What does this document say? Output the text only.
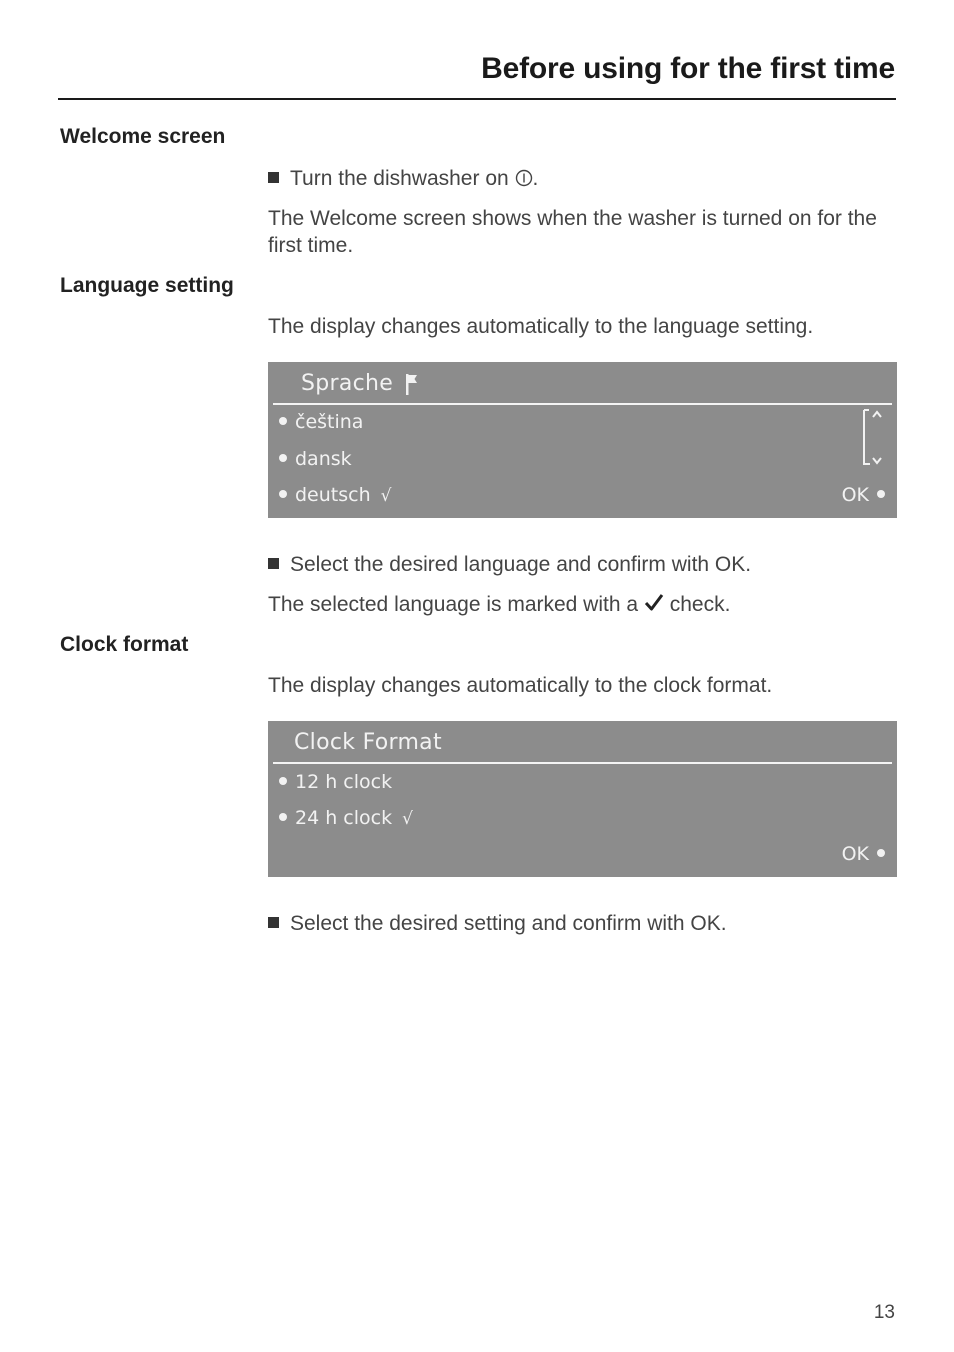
Before using for the first time
Welcome screen

Turn the dishwasher on .

The Welcome screen shows when the washer is turned on for the first time.

Language setting

The display changes automatically to the language setting.

Sprache
čeština
dansk
deutsch √	OK

Select the desired language and confirm with OK.

The selected language is marked with a check.

Clock format

The display changes automatically to the clock format.

Clock Format
12 h clock
24 h clock √
OK

Select the desired setting and confirm with OK.

13
